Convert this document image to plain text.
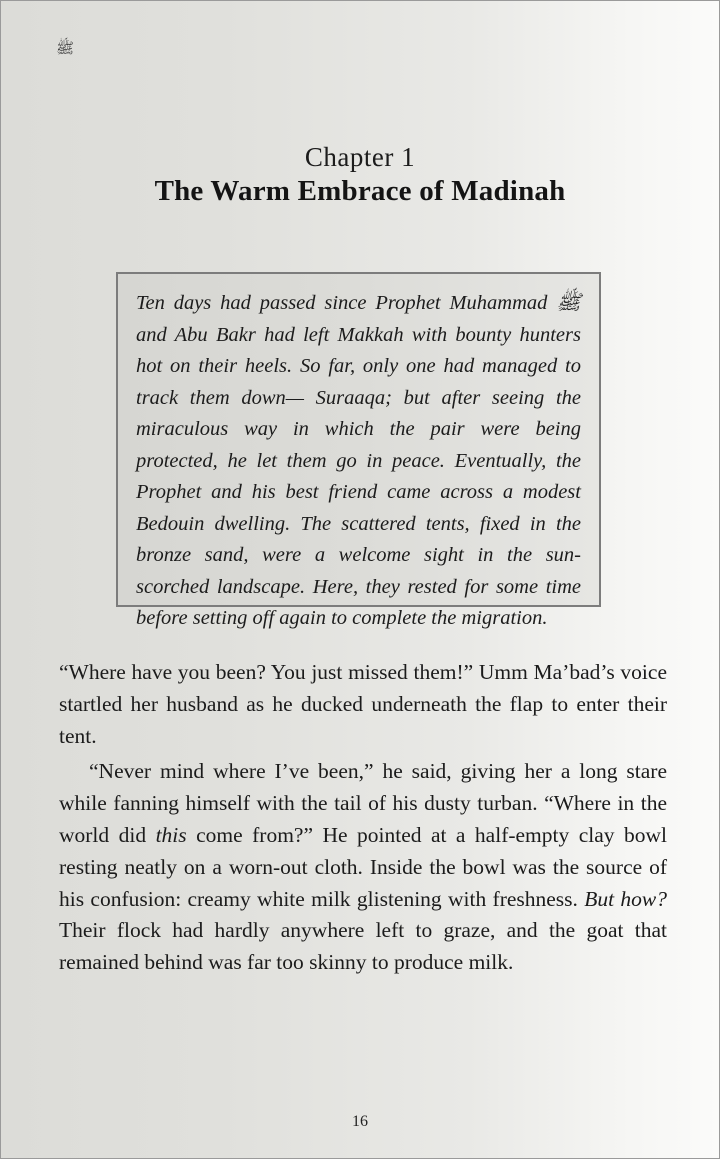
ﷺ
Chapter 1
The Warm Embrace of Madinah
Ten days had passed since Prophet Muhammad ﷺ and Abu Bakr had left Makkah with bounty hunters hot on their heels. So far, only one had managed to track them down— Suraaqa; but after seeing the miraculous way in which the pair were being protected, he let them go in peace. Eventually, the Prophet and his best friend came across a modest Bedouin dwelling. The scattered tents, fixed in the bronze sand, were a welcome sight in the sun-scorched landscape. Here, they rested for some time before setting off again to complete the migration.

“Where have you been? You just missed them!” Umm Ma’bad’s voice startled her husband as he ducked underneath the flap to enter their tent.

“Never mind where I’ve been,” he said, giving her a long stare while fanning himself with the tail of his dusty turban. “Where in the world did this come from?” He pointed at a half-empty clay bowl resting neatly on a worn-out cloth. Inside the bowl was the source of his confusion: creamy white milk glistening with freshness. But how? Their flock had hardly anywhere left to graze, and the goat that remained behind was far too skinny to produce milk.

16
